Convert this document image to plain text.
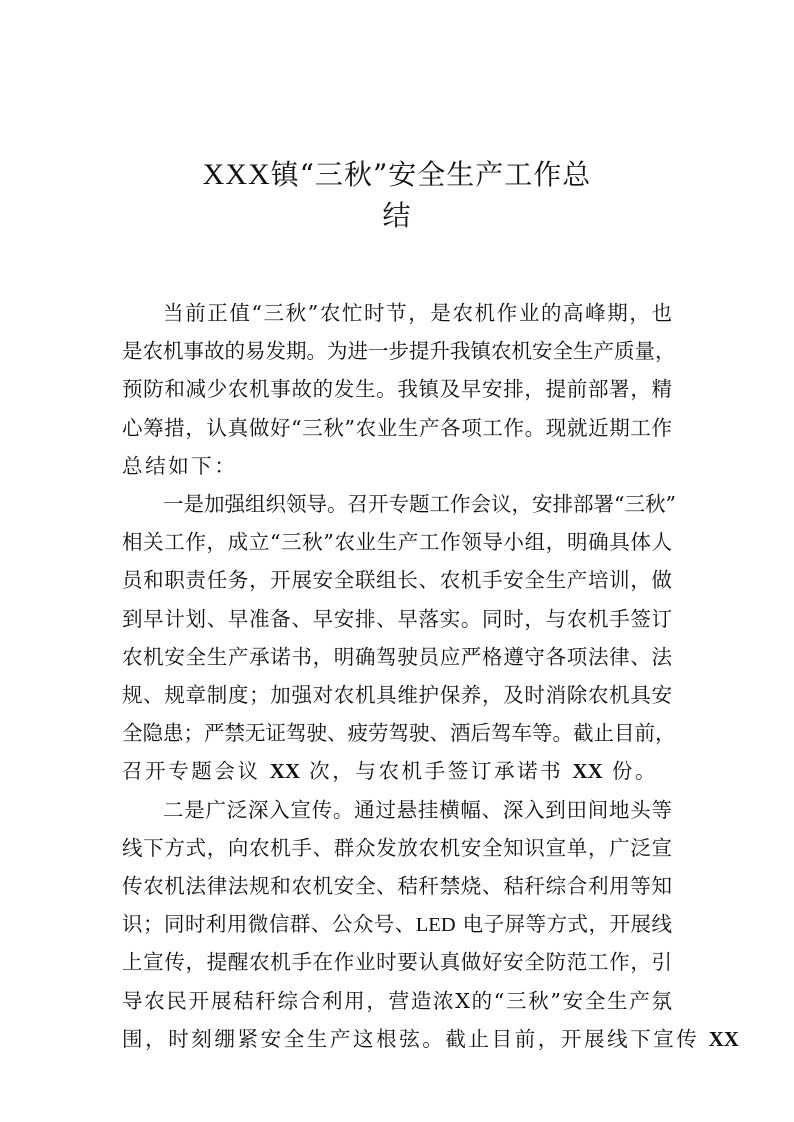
XXX镇“三秋”安全生产工作总
结
当前正值“三秋”农忙时节，是农机作业的高峰期，也
是农机事故的易发期。为进一步提升我镇农机安全生产质量，
预防和减少农机事故的发生。我镇及早安排，提前部署，精
心筹措，认真做好“三秋”农业生产各项工作。现就近期工作
总结如下：
一是加强组织领导。召开专题工作会议，安排部署“三秋”
相关工作，成立“三秋”农业生产工作领导小组，明确具体人
员和职责任务，开展安全联组长、农机手安全生产培训，做
到早计划、早准备、早安排、早落实。同时，与农机手签订
农机安全生产承诺书，明确驾驶员应严格遵守各项法律、法
规、规章制度；加强对农机具维护保养，及时消除农机具安
全隐患；严禁无证驾驶、疲劳驾驶、酒后驾车等。截止目前，
召开专题会议 XX 次，与农机手签订承诺书 XX 份。
二是广泛深入宣传。通过悬挂横幅、深入到田间地头等
线下方式，向农机手、群众发放农机安全知识宣单，广泛宣
传农机法律法规和农机安全、秸秆禁烧、秸秆综合利用等知
识；同时利用微信群、公众号、LED 电子屏等方式，开展线
上宣传，提醒农机手在作业时要认真做好安全防范工作，引
导农民开展秸秆综合利用，营造浓X的“三秋”安全生产氛
围，时刻绷紧安全生产这根弦。截止目前，开展线下宣传 XX
